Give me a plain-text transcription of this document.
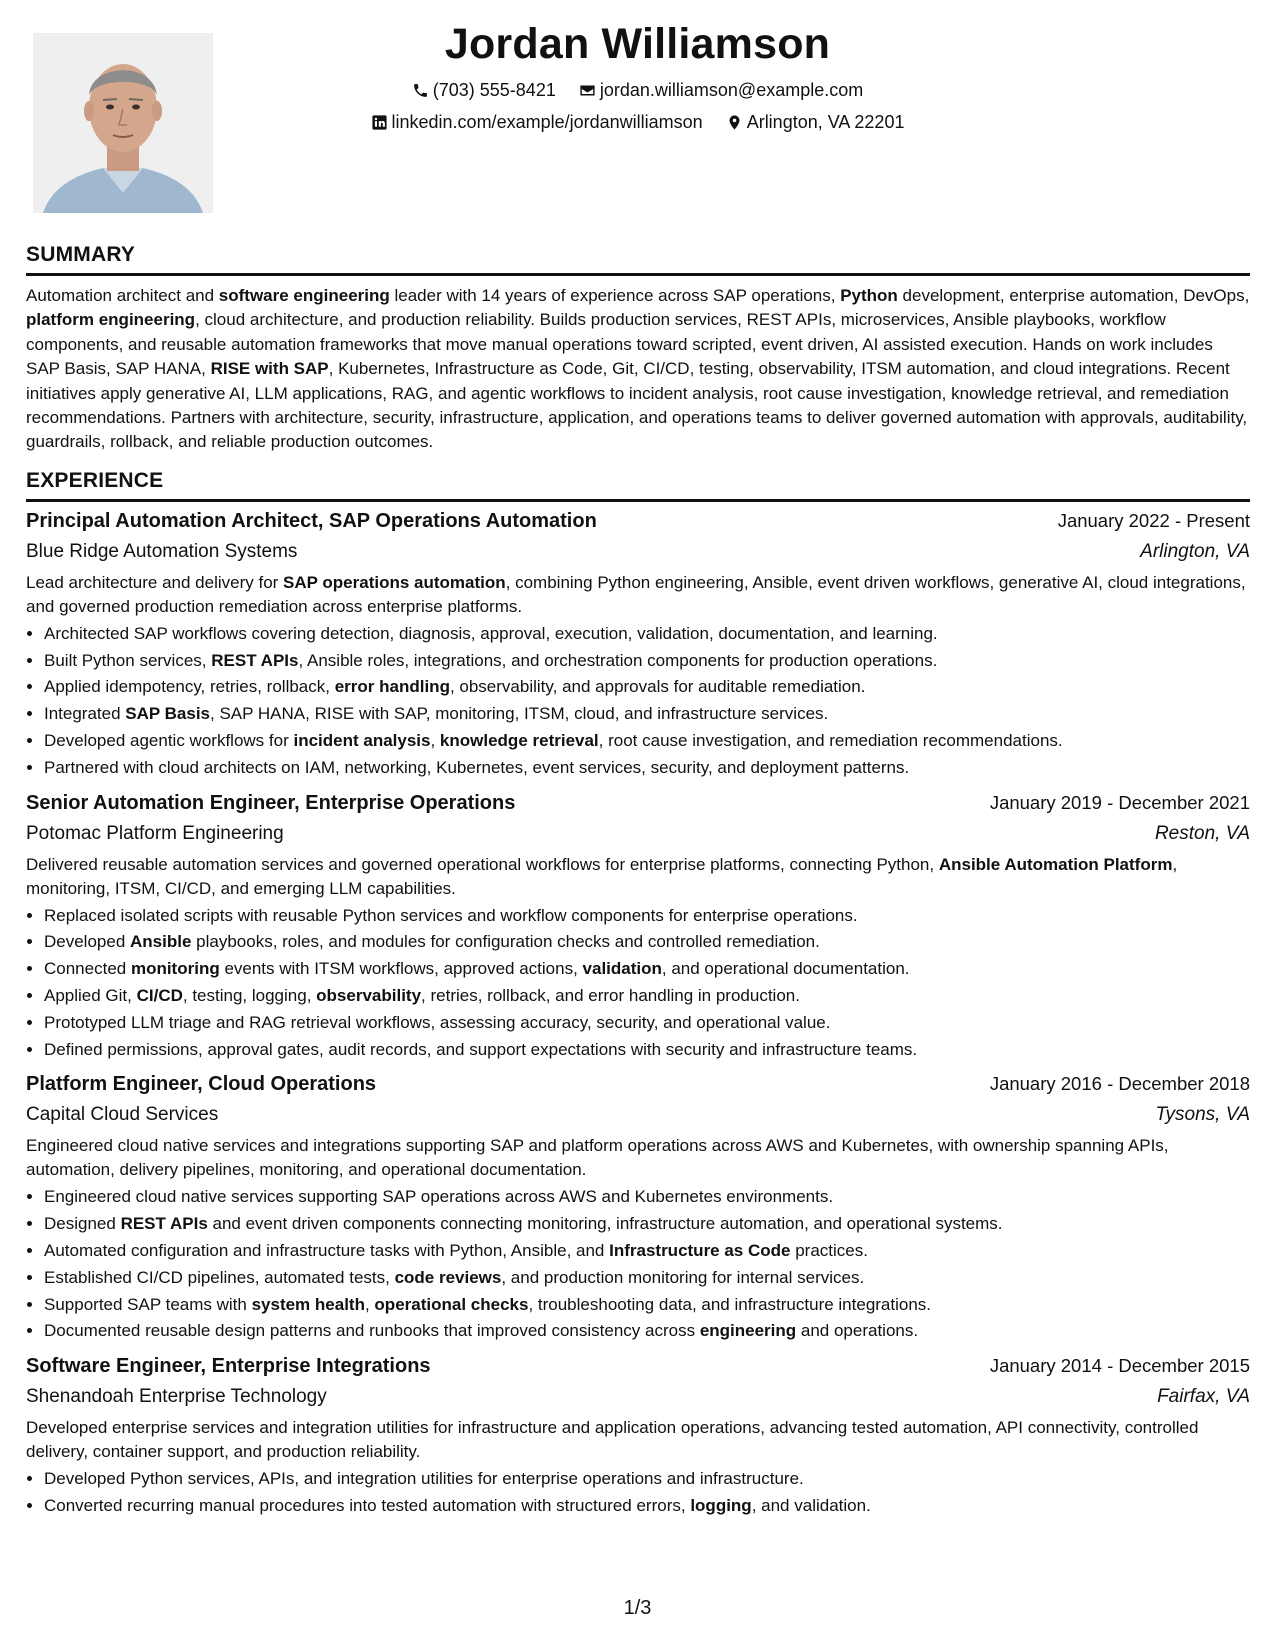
Jordan Williamson
(703) 555-8421
jordan.williamson@example.com
linkedin.com/example/jordanwilliamson
Arlington, VA 22201
SUMMARY

Automation architect and software engineering leader with 14 years of experience across SAP operations, Python development, enterprise automation, DevOps, platform engineering, cloud architecture, and production reliability. Builds production services, REST APIs, microservices, Ansible playbooks, workflow components, and reusable automation frameworks that move manual operations toward scripted, event driven, AI assisted execution. Hands on work includes SAP Basis, SAP HANA, RISE with SAP, Kubernetes, Infrastructure as Code, Git, CI/CD, testing, observability, ITSM automation, and cloud integrations. Recent initiatives apply generative AI, LLM applications, RAG, and agentic workflows to incident analysis, root cause investigation, knowledge retrieval, and remediation recommendations. Partners with architecture, security, infrastructure, application, and operations teams to deliver governed automation with approvals, auditability, guardrails, rollback, and reliable production outcomes.

EXPERIENCE
Principal Automation Architect, SAP Operations Automation	January 2022 - Present
Blue Ridge Automation Systems	Arlington, VA
Lead architecture and delivery for SAP operations automation, combining Python engineering, Ansible, event driven workflows, generative AI, cloud integrations, and governed production remediation across enterprise platforms.
• Architected SAP workflows covering detection, diagnosis, approval, execution, validation, documentation, and learning.
• Built Python services, REST APIs, Ansible roles, integrations, and orchestration components for production operations.
• Applied idempotency, retries, rollback, error handling, observability, and approvals for auditable remediation.
• Integrated SAP Basis, SAP HANA, RISE with SAP, monitoring, ITSM, cloud, and infrastructure services.
• Developed agentic workflows for incident analysis, knowledge retrieval, root cause investigation, and remediation recommendations.
• Partnered with cloud architects on IAM, networking, Kubernetes, event services, security, and deployment patterns.
Senior Automation Engineer, Enterprise Operations	January 2019 - December 2021
Potomac Platform Engineering	Reston, VA
Delivered reusable automation services and governed operational workflows for enterprise platforms, connecting Python, Ansible Automation Platform, monitoring, ITSM, CI/CD, and emerging LLM capabilities.
• Replaced isolated scripts with reusable Python services and workflow components for enterprise operations.
• Developed Ansible playbooks, roles, and modules for configuration checks and controlled remediation.
• Connected monitoring events with ITSM workflows, approved actions, validation, and operational documentation.
• Applied Git, CI/CD, testing, logging, observability, retries, rollback, and error handling in production.
• Prototyped LLM triage and RAG retrieval workflows, assessing accuracy, security, and operational value.
• Defined permissions, approval gates, audit records, and support expectations with security and infrastructure teams.
Platform Engineer, Cloud Operations	January 2016 - December 2018
Capital Cloud Services	Tysons, VA
Engineered cloud native services and integrations supporting SAP and platform operations across AWS and Kubernetes, with ownership spanning APIs, automation, delivery pipelines, monitoring, and operational documentation.
• Engineered cloud native services supporting SAP operations across AWS and Kubernetes environments.
• Designed REST APIs and event driven components connecting monitoring, infrastructure automation, and operational systems.
• Automated configuration and infrastructure tasks with Python, Ansible, and Infrastructure as Code practices.
• Established CI/CD pipelines, automated tests, code reviews, and production monitoring for internal services.
• Supported SAP teams with system health, operational checks, troubleshooting data, and infrastructure integrations.
• Documented reusable design patterns and runbooks that improved consistency across engineering and operations.
Software Engineer, Enterprise Integrations	January 2014 - December 2015
Shenandoah Enterprise Technology	Fairfax, VA
Developed enterprise services and integration utilities for infrastructure and application operations, advancing tested automation, API connectivity, controlled delivery, container support, and production reliability.
• Developed Python services, APIs, and integration utilities for enterprise operations and infrastructure.
• Converted recurring manual procedures into tested automation with structured errors, logging, and validation.
1/3
